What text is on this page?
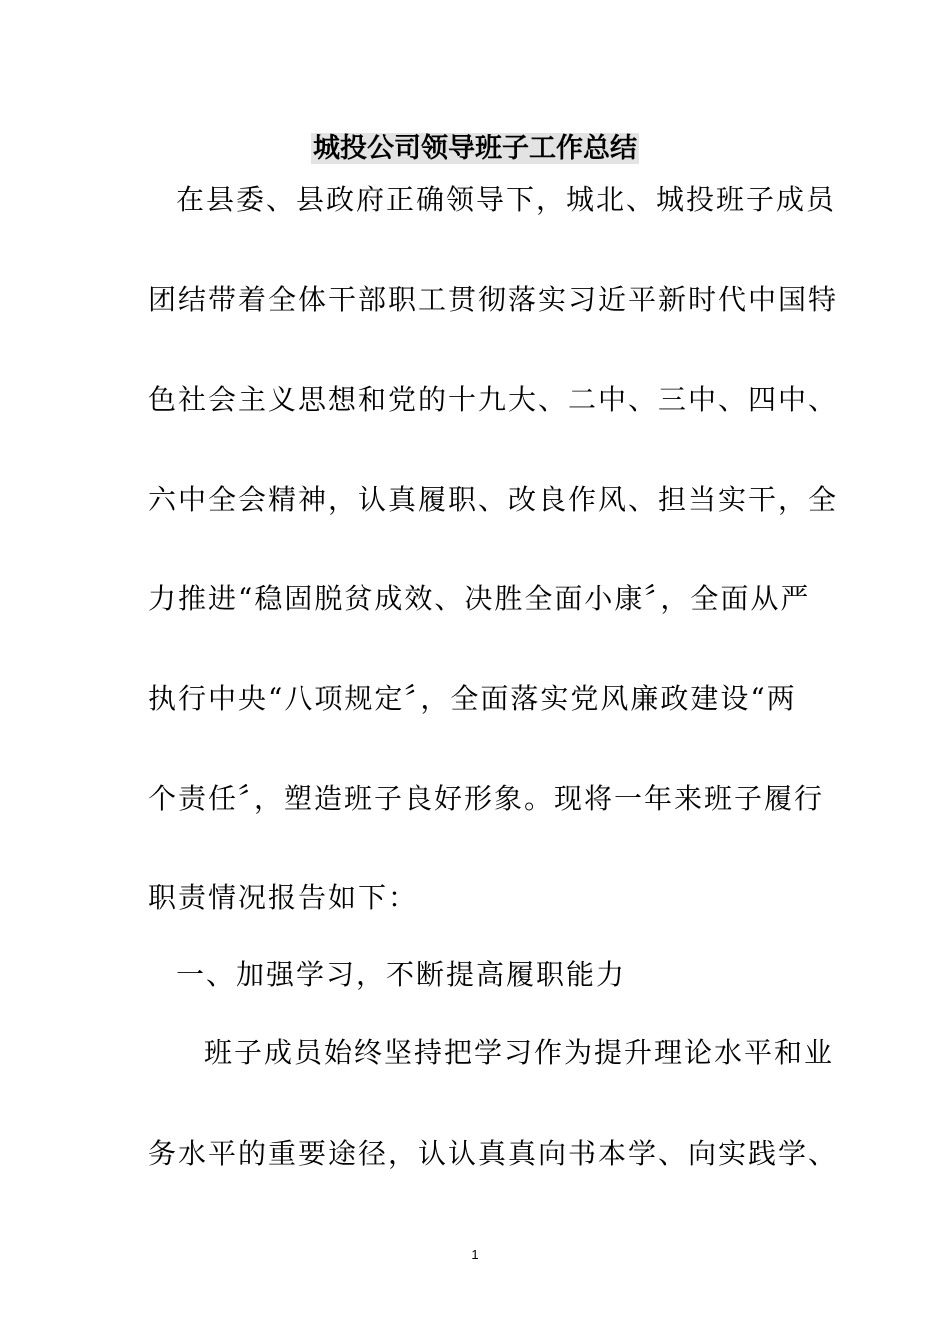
城投公司领导班子工作总结
在县委、县政府正确领导下，城北、城投班子成员
团结带着全体干部职工贯彻落实习近平新时代中国特
色社会主义思想和党的十九大、二中、三中、四中、
六中全会精神，认真履职、改良作风、担当实干，全
力推进“稳固脱贫成效、决胜全面小康〞，全面从严
执行中央“八项规定〞，全面落实党风廉政建设“两
个责任〞，塑造班子良好形象。现将一年来班子履行
职责情况报告如下：
一、加强学习，不断提高履职能力
班子成员始终坚持把学习作为提升理论水平和业
务水平的重要途径，认认真真向书本学、向实践学、
1
